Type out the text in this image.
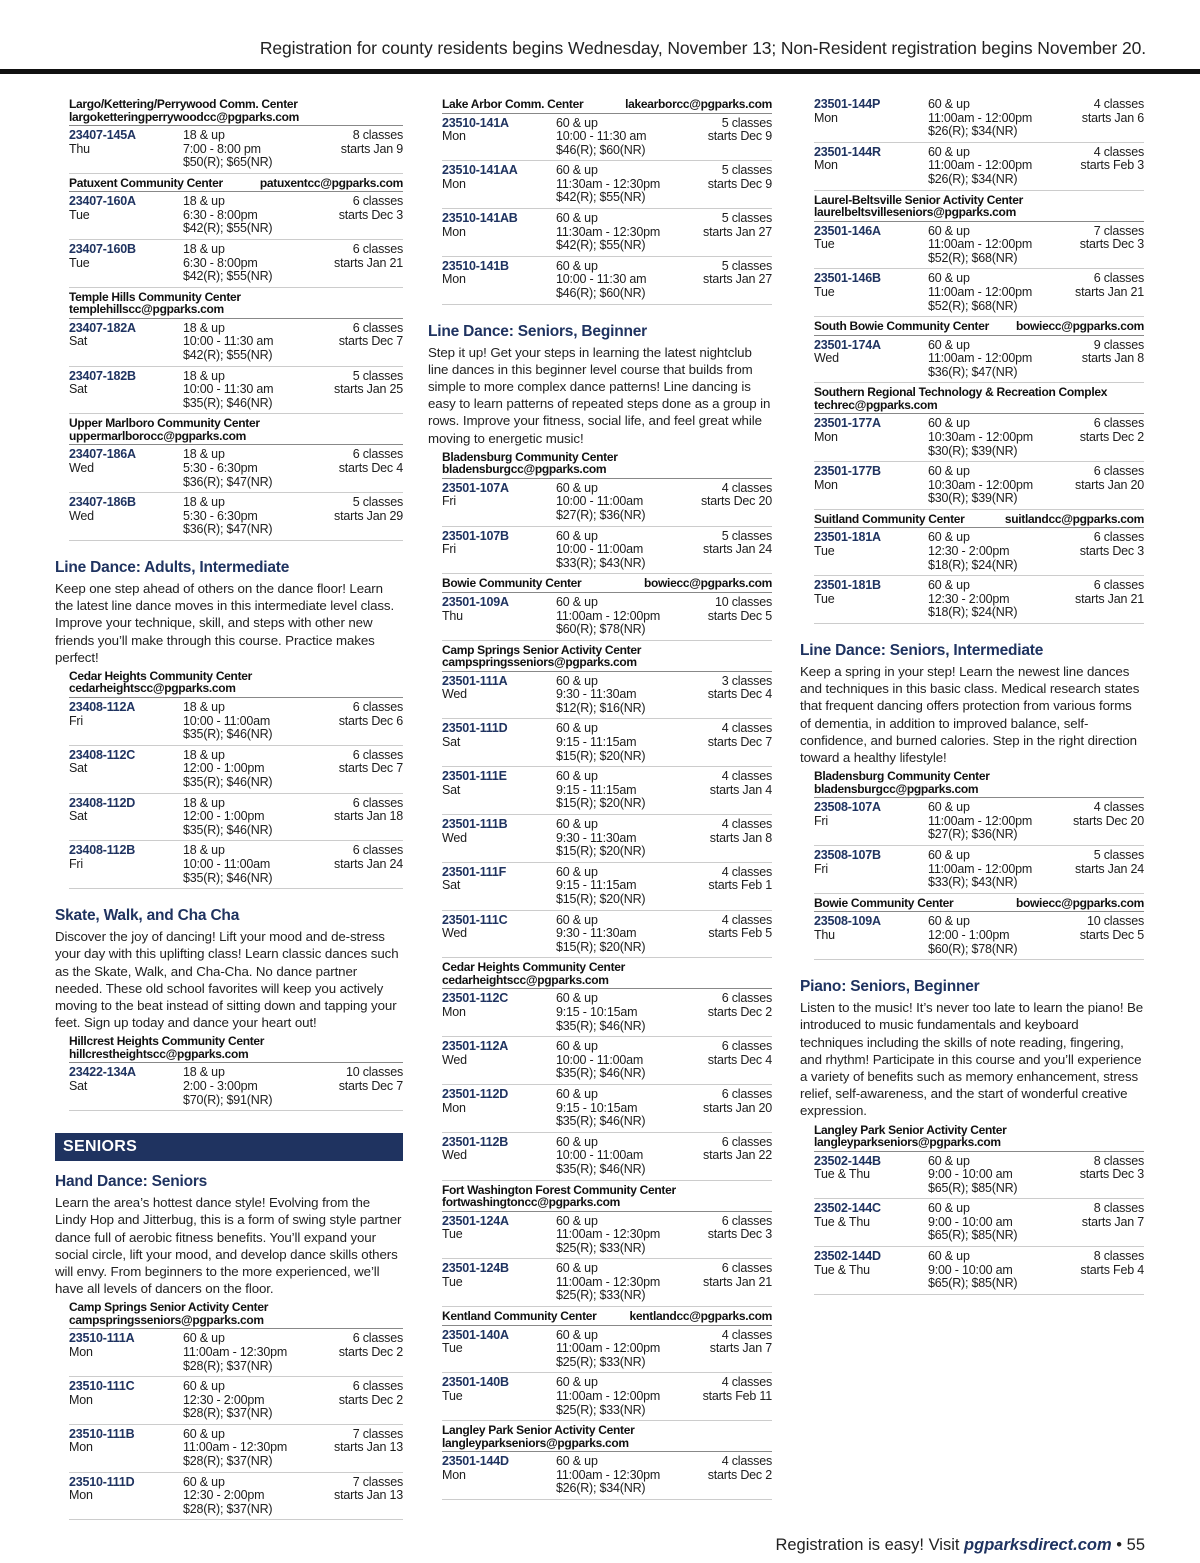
Registration for county residents begins Wednesday, November 13; Non-Resident registration begins November 20.
Largo/Kettering/Perrywood Comm. Center
largoketteringperrywoodcc@pgparks.com
23407-145A
Thu
18 & up
7:00 - 8:00 pm
$50(R); $65(NR)
8 classes
starts Jan 9
Patuxent Community Center	patuxentcc@pgparks.com
23407-160A
Tue
18 & up
6:30 - 8:00pm
$42(R); $55(NR)
6 classes
starts Dec 3
23407-160B
Tue
18 & up
6:30 - 8:00pm
$42(R); $55(NR)
6 classes
starts Jan 21
Temple Hills Community Center
templehillscc@pgparks.com
23407-182A
Sat
18 & up
10:00 - 11:30 am
$42(R); $55(NR)
6 classes
starts Dec 7
23407-182B
Sat
18 & up
10:00 - 11:30 am
$35(R); $46(NR)
5 classes
starts Jan 25
Upper Marlboro Community Center
uppermarlborocc@pgparks.com
23407-186A
Wed
18 & up
5:30 - 6:30pm
$36(R); $47(NR)
6 classes
starts Dec 4
23407-186B
Wed
18 & up
5:30 - 6:30pm
$36(R); $47(NR)
5 classes
starts Jan 29
Line Dance: Adults, Intermediate
Keep one step ahead of others on the dance floor! Learn the latest line dance moves in this intermediate level class. Improve your technique, skill, and steps with other new friends you’ll make through this course. Practice makes perfect!
Cedar Heights Community Center
cedarheightscc@pgparks.com
23408-112A
Fri
18 & up
10:00 - 11:00am
$35(R); $46(NR)
6 classes
starts Dec 6
23408-112C
Sat
18 & up
12:00 - 1:00pm
$35(R); $46(NR)
6 classes
starts Dec 7
23408-112D
Sat
18 & up
12:00 - 1:00pm
$35(R); $46(NR)
6 classes
starts Jan 18
23408-112B
Fri
18 & up
10:00 - 11:00am
$35(R); $46(NR)
6 classes
starts Jan 24
Skate, Walk, and Cha Cha
Discover the joy of dancing! Lift your mood and de-stress your day with this uplifting class! Learn classic dances such as the Skate, Walk, and Cha-Cha. No dance partner needed. These old school favorites will keep you actively moving to the beat instead of sitting down and tapping your feet. Sign up today and dance your heart out!
Hillcrest Heights Community Center
hillcrestheightscc@pgparks.com
23422-134A
Sat
18 & up
2:00 - 3:00pm
$70(R); $91(NR)
10 classes
starts Dec 7
SENIORS
Hand Dance: Seniors
Learn the area’s hottest dance style! Evolving from the Lindy Hop and Jitterbug, this is a form of swing style partner dance full of aerobic fitness benefits. You’ll expand your social circle, lift your mood, and develop dance skills others will envy. From beginners to the more experienced, we’ll have all levels of dancers on the floor.
Camp Springs Senior Activity Center
campspringsseniors@pgparks.com
23510-111A
Mon
60 & up
11:00am - 12:30pm
$28(R); $37(NR)
6 classes
starts Dec 2
23510-111C
Mon
60 & up
12:30 - 2:00pm
$28(R); $37(NR)
6 classes
starts Dec 2
23510-111B
Mon
60 & up
11:00am - 12:30pm
$28(R); $37(NR)
7 classes
starts Jan 13
23510-111D
Mon
60 & up
12:30 - 2:00pm
$28(R); $37(NR)
7 classes
starts Jan 13
Lake Arbor Comm. Center	lakearborcc@pgparks.com
23510-141A
Mon
60 & up
10:00 - 11:30 am
$46(R); $60(NR)
5 classes
starts Dec 9
23510-141AA
Mon
60 & up
11:30am - 12:30pm
$42(R); $55(NR)
5 classes
starts Dec 9
23510-141AB
Mon
60 & up
11:30am - 12:30pm
$42(R); $55(NR)
5 classes
starts Jan 27
23510-141B
Mon
60 & up
10:00 - 11:30 am
$46(R); $60(NR)
5 classes
starts Jan 27
Line Dance: Seniors, Beginner
Step it up! Get your steps in learning the latest nightclub line dances in this beginner level course that builds from simple to more complex dance patterns! Line dancing is easy to learn patterns of repeated steps done as a group in rows. Improve your fitness, social life, and feel great while moving to energetic music!
Bladensburg Community Center
bladensburgcc@pgparks.com
23501-107A
Fri
60 & up
10:00 - 11:00am
$27(R); $36(NR)
4 classes
starts Dec 20
23501-107B
Fri
60 & up
10:00 - 11:00am
$33(R); $43(NR)
5 classes
starts Jan 24
Bowie Community Center	bowiecc@pgparks.com
23501-109A
Thu
60 & up
11:00am - 12:00pm
$60(R); $78(NR)
10 classes
starts Dec 5
Camp Springs Senior Activity Center
campspringsseniors@pgparks.com
23501-111A
Wed
60 & up
9:30 - 11:30am
$12(R); $16(NR)
3 classes
starts Dec 4
23501-111D
Sat
60 & up
9:15 - 11:15am
$15(R); $20(NR)
4 classes
starts Dec 7
23501-111E
Sat
60 & up
9:15 - 11:15am
$15(R); $20(NR)
4 classes
starts Jan 4
23501-111B
Wed
60 & up
9:30 - 11:30am
$15(R); $20(NR)
4 classes
starts Jan 8
23501-111F
Sat
60 & up
9:15 - 11:15am
$15(R); $20(NR)
4 classes
starts Feb 1
23501-111C
Wed
60 & up
9:30 - 11:30am
$15(R); $20(NR)
4 classes
starts Feb 5
Cedar Heights Community Center
cedarheightscc@pgparks.com
23501-112C
Mon
60 & up
9:15 - 10:15am
$35(R); $46(NR)
6 classes
starts Dec 2
23501-112A
Wed
60 & up
10:00 - 11:00am
$35(R); $46(NR)
6 classes
starts Dec 4
23501-112D
Mon
60 & up
9:15 - 10:15am
$35(R); $46(NR)
6 classes
starts Jan 20
23501-112B
Wed
60 & up
10:00 - 11:00am
$35(R); $46(NR)
6 classes
starts Jan 22
Fort Washington Forest Community Center
fortwashingtoncc@pgparks.com
23501-124A
Tue
60 & up
11:00am - 12:30pm
$25(R); $33(NR)
6 classes
starts Dec 3
23501-124B
Tue
60 & up
11:00am - 12:30pm
$25(R); $33(NR)
6 classes
starts Jan 21
Kentland Community Center	kentlandcc@pgparks.com
23501-140A
Tue
60 & up
11:00am - 12:00pm
$25(R); $33(NR)
4 classes
starts Jan 7
23501-140B
Tue
60 & up
11:00am - 12:00pm
$25(R); $33(NR)
4 classes
starts Feb 11
Langley Park Senior Activity Center
langleyparkseniors@pgparks.com
23501-144D
Mon
60 & up
11:00am - 12:30pm
$26(R); $34(NR)
4 classes
starts Dec 2
23501-144P
Mon
60 & up
11:00am - 12:00pm
$26(R); $34(NR)
4 classes
starts Jan 6
23501-144R
Mon
60 & up
11:00am - 12:00pm
$26(R); $34(NR)
4 classes
starts Feb 3
Laurel-Beltsville Senior Activity Center
laurelbeltsvilleseniors@pgparks.com
23501-146A
Tue
60 & up
11:00am - 12:00pm
$52(R); $68(NR)
7 classes
starts Dec 3
23501-146B
Tue
60 & up
11:00am - 12:00pm
$52(R); $68(NR)
6 classes
starts Jan 21
South Bowie Community Center bowiecc@pgparks.com
23501-174A
Wed
60 & up
11:00am - 12:00pm
$36(R); $47(NR)
9 classes
starts Jan 8
Southern Regional Technology & Recreation Complex
techrec@pgparks.com
23501-177A
Mon
60 & up
10:30am - 12:00pm
$30(R); $39(NR)
6 classes
starts Dec 2
23501-177B
Mon
60 & up
10:30am - 12:00pm
$30(R); $39(NR)
6 classes
starts Jan 20
Suitland Community Center	suitlandcc@pgparks.com
23501-181A
Tue
60 & up
12:30 - 2:00pm
$18(R); $24(NR)
6 classes
starts Dec 3
23501-181B
Tue
60 & up
12:30 - 2:00pm
$18(R); $24(NR)
6 classes
starts Jan 21
Line Dance: Seniors, Intermediate
Keep a spring in your step! Learn the newest line dances and techniques in this basic class. Medical research states that frequent dancing offers protection from various forms of dementia, in addition to improved balance, self-confidence, and burned calories. Step in the right direction toward a healthy lifestyle!
Bladensburg Community Center
bladensburgcc@pgparks.com
23508-107A
Fri
60 & up
11:00am - 12:00pm
$27(R); $36(NR)
4 classes
starts Dec 20
23508-107B
Fri
60 & up
11:00am - 12:00pm
$33(R); $43(NR)
5 classes
starts Jan 24
Bowie Community Center	bowiecc@pgparks.com
23508-109A
Thu
60 & up
12:00 - 1:00pm
$60(R); $78(NR)
10 classes
starts Dec 5
Piano: Seniors, Beginner
Listen to the music! It’s never too late to learn the piano! Be introduced to music fundamentals and keyboard techniques including the skills of note reading, fingering, and rhythm! Participate in this course and you’ll experience a variety of benefits such as memory enhancement, stress relief, self-awareness, and the start of wonderful creative expression.
Langley Park Senior Activity Center
langleyparkseniors@pgparks.com
23502-144B
Tue & Thu
60 & up
9:00 - 10:00 am
$65(R); $85(NR)
8 classes
starts Dec 3
23502-144C
Tue & Thu
60 & up
9:00 - 10:00 am
$65(R); $85(NR)
8 classes
starts Jan 7
23502-144D
Tue & Thu
60 & up
9:00 - 10:00 am
$65(R); $85(NR)
8 classes
starts Feb 4
Registration is easy! Visit pgparksdirect.com • 55
